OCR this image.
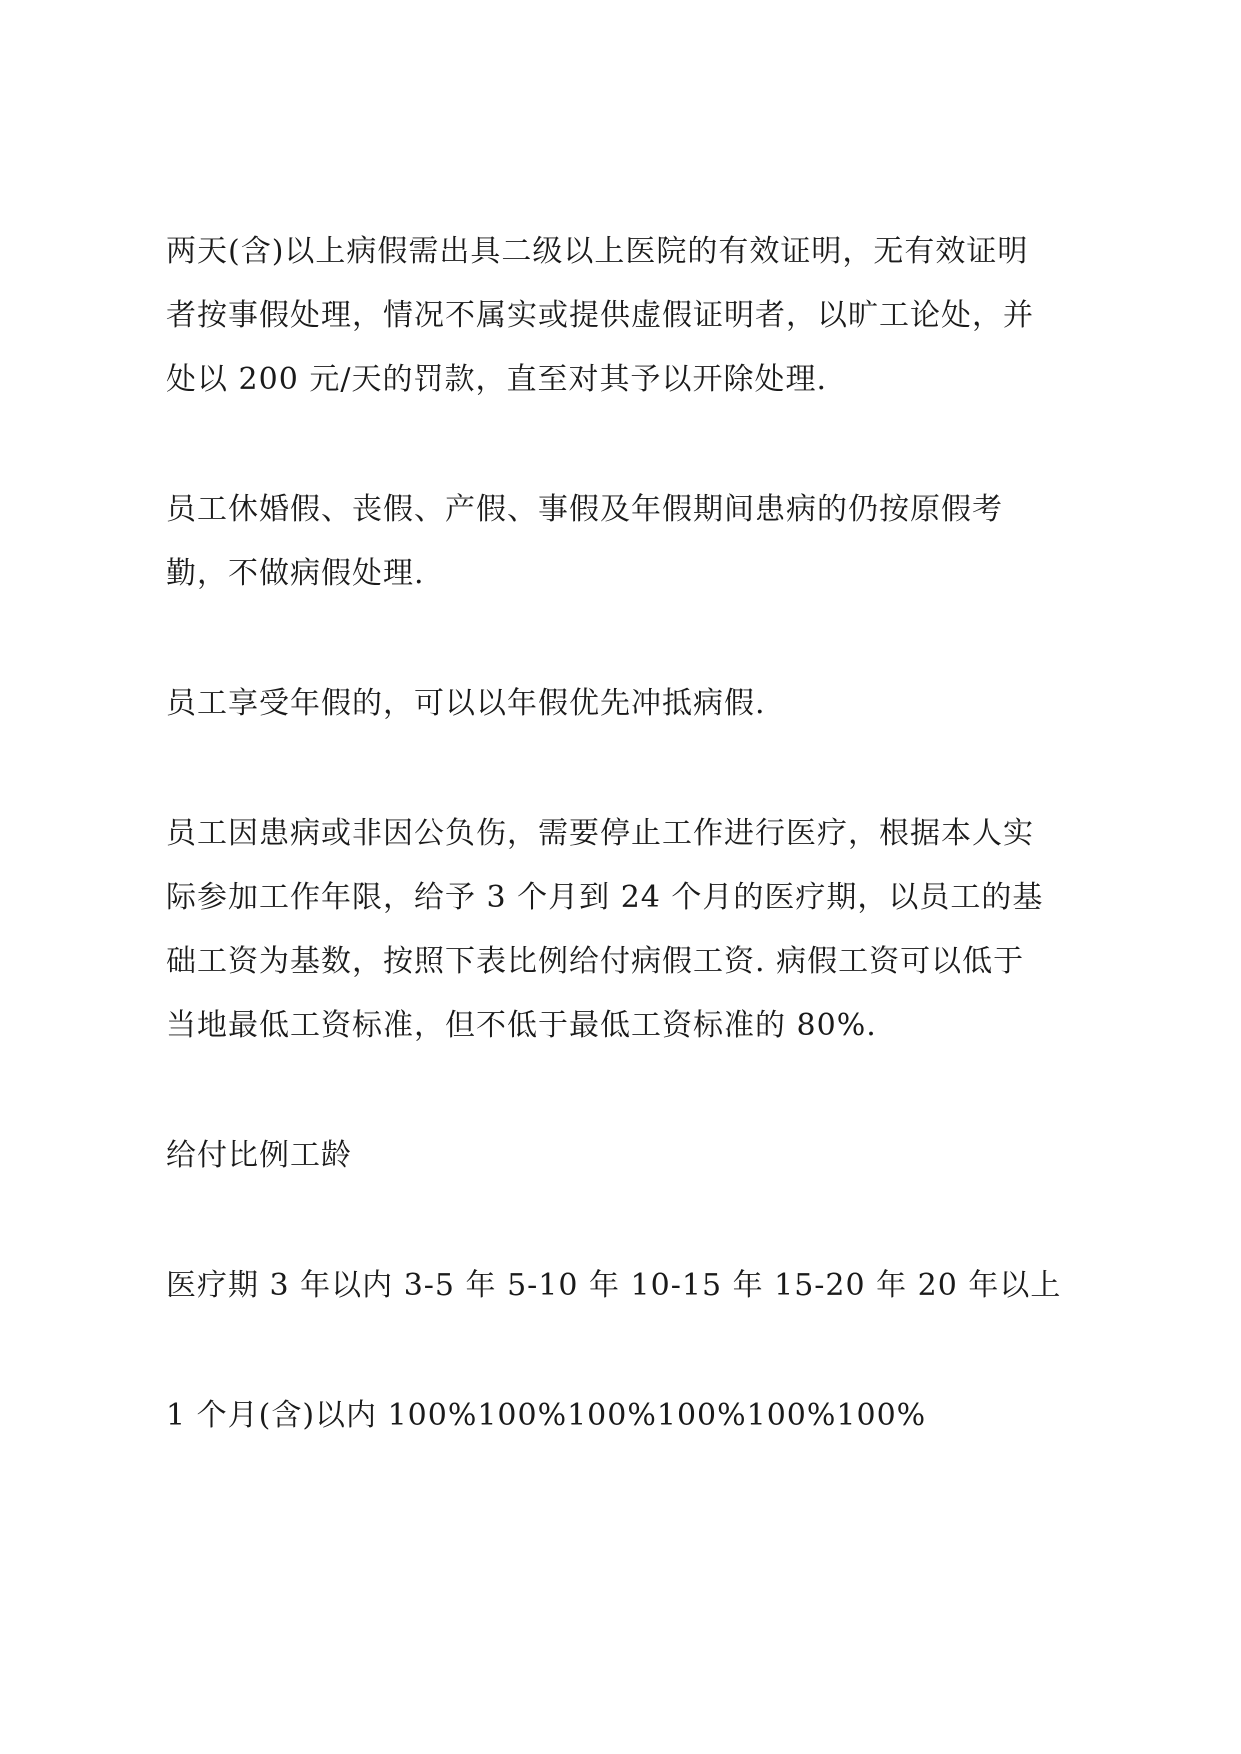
两天(含)以上病假需出具二级以上医院的有效证明，无有效证明
者按事假处理，情况不属实或提供虚假证明者，以旷工论处，并
处以 200 元/天的罚款，直至对其予以开除处理.
员工休婚假、丧假、产假、事假及年假期间患病的仍按原假考
勤，不做病假处理.
员工享受年假的，可以以年假优先冲抵病假.
员工因患病或非因公负伤，需要停止工作进行医疗，根据本人实
际参加工作年限，给予 3 个月到 24 个月的医疗期，以员工的基
础工资为基数，按照下表比例给付病假工资. 病假工资可以低于
当地最低工资标准，但不低于最低工资标准的 80%.
给付比例工龄
医疗期 3 年以内 3-5 年 5-10 年 10-15 年 15-20 年 20 年以上
1 个月(含)以内 100%100%100%100%100%100%
